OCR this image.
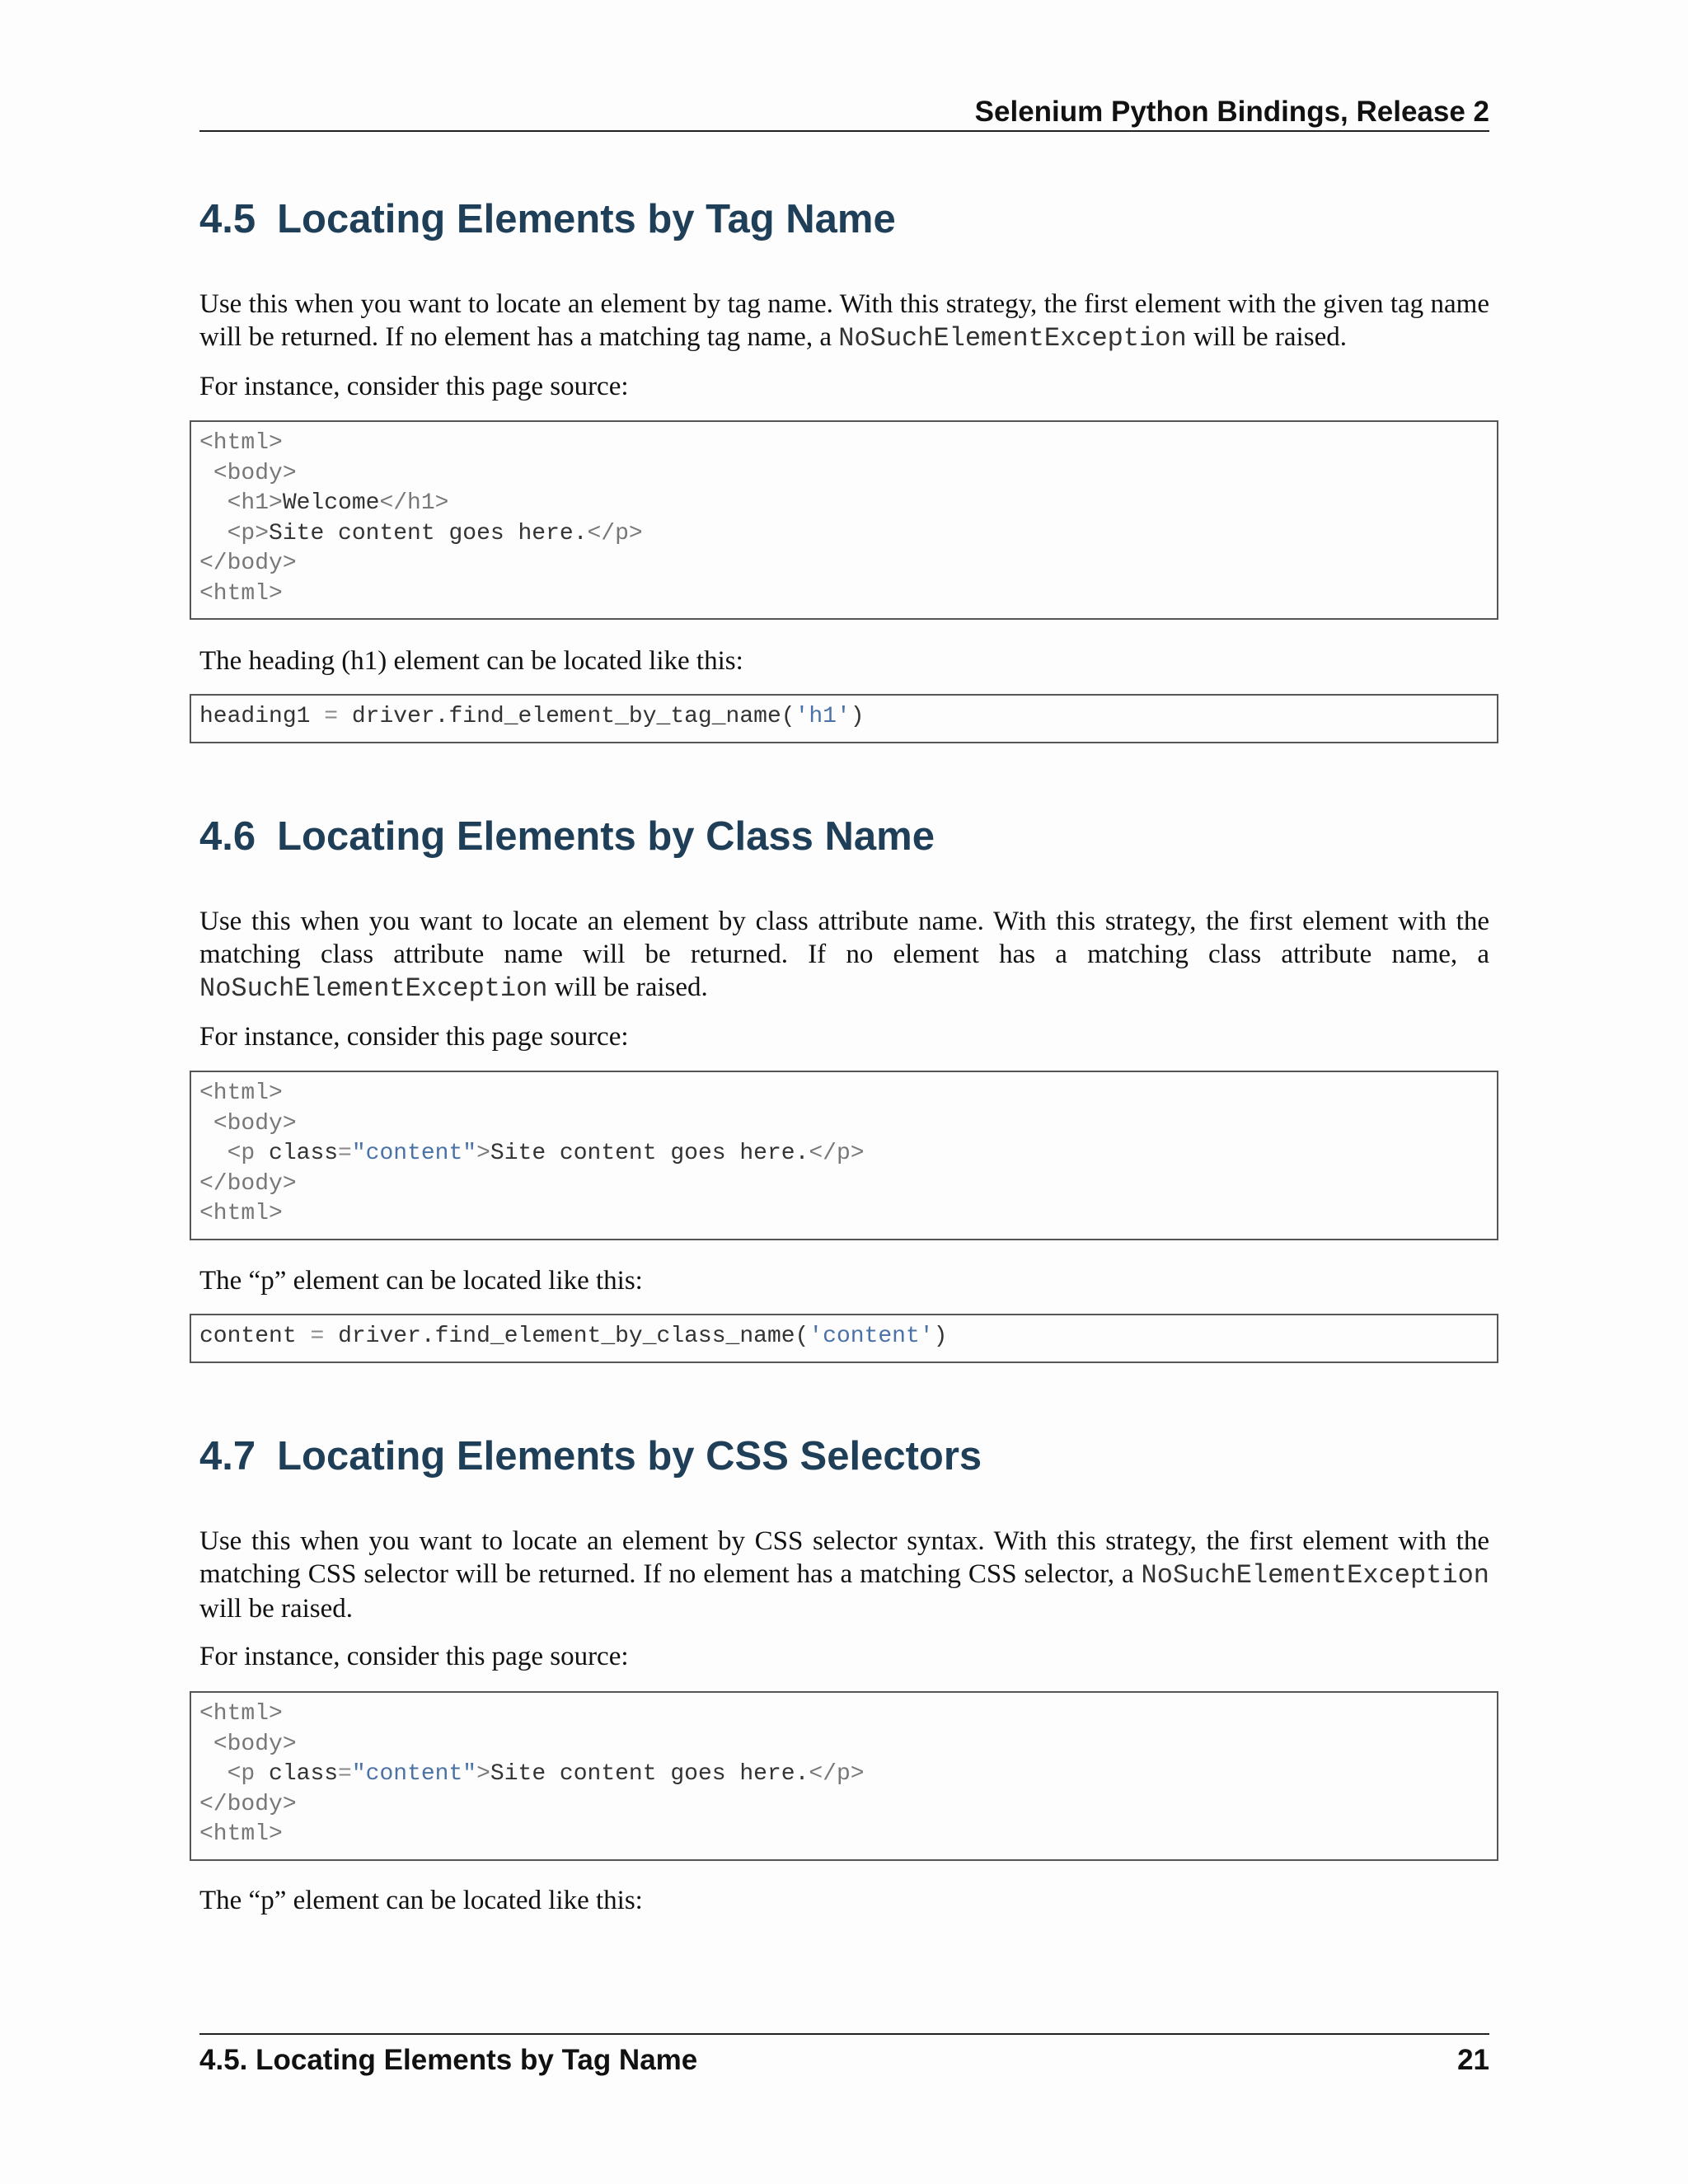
Selenium Python Bindings, Release 2
4.5 Locating Elements by Tag Name

Use this when you want to locate an element by tag name. With this strategy, the first element with the given tag name will be returned. If no element has a matching tag name, a NoSuchElementException will be raised.

For instance, consider this page source:

<html>
<body>
<h1>Welcome</h1>
<p>Site content goes here.</p>
</body>
<html>

The heading (h1) element can be located like this:

heading1 = driver.find_element_by_tag_name('h1')
4.6 Locating Elements by Class Name

Use this when you want to locate an element by class attribute name. With this strategy, the first element with the matching class attribute name will be returned. If no element has a matching class attribute name, a NoSuchElementException will be raised.

For instance, consider this page source:

<html>
<body>
<p class="content">Site content goes here.</p>
</body>
<html>

The “p” element can be located like this:

content = driver.find_element_by_class_name('content')
4.7 Locating Elements by CSS Selectors

Use this when you want to locate an element by CSS selector syntax. With this strategy, the first element with the matching CSS selector will be returned. If no element has a matching CSS selector, a NoSuchElementException will be raised.

For instance, consider this page source:

<html>
<body>
<p class="content">Site content goes here.</p>
</body>
<html>

The “p” element can be located like this:

4.5. Locating Elements by Tag Name	21
